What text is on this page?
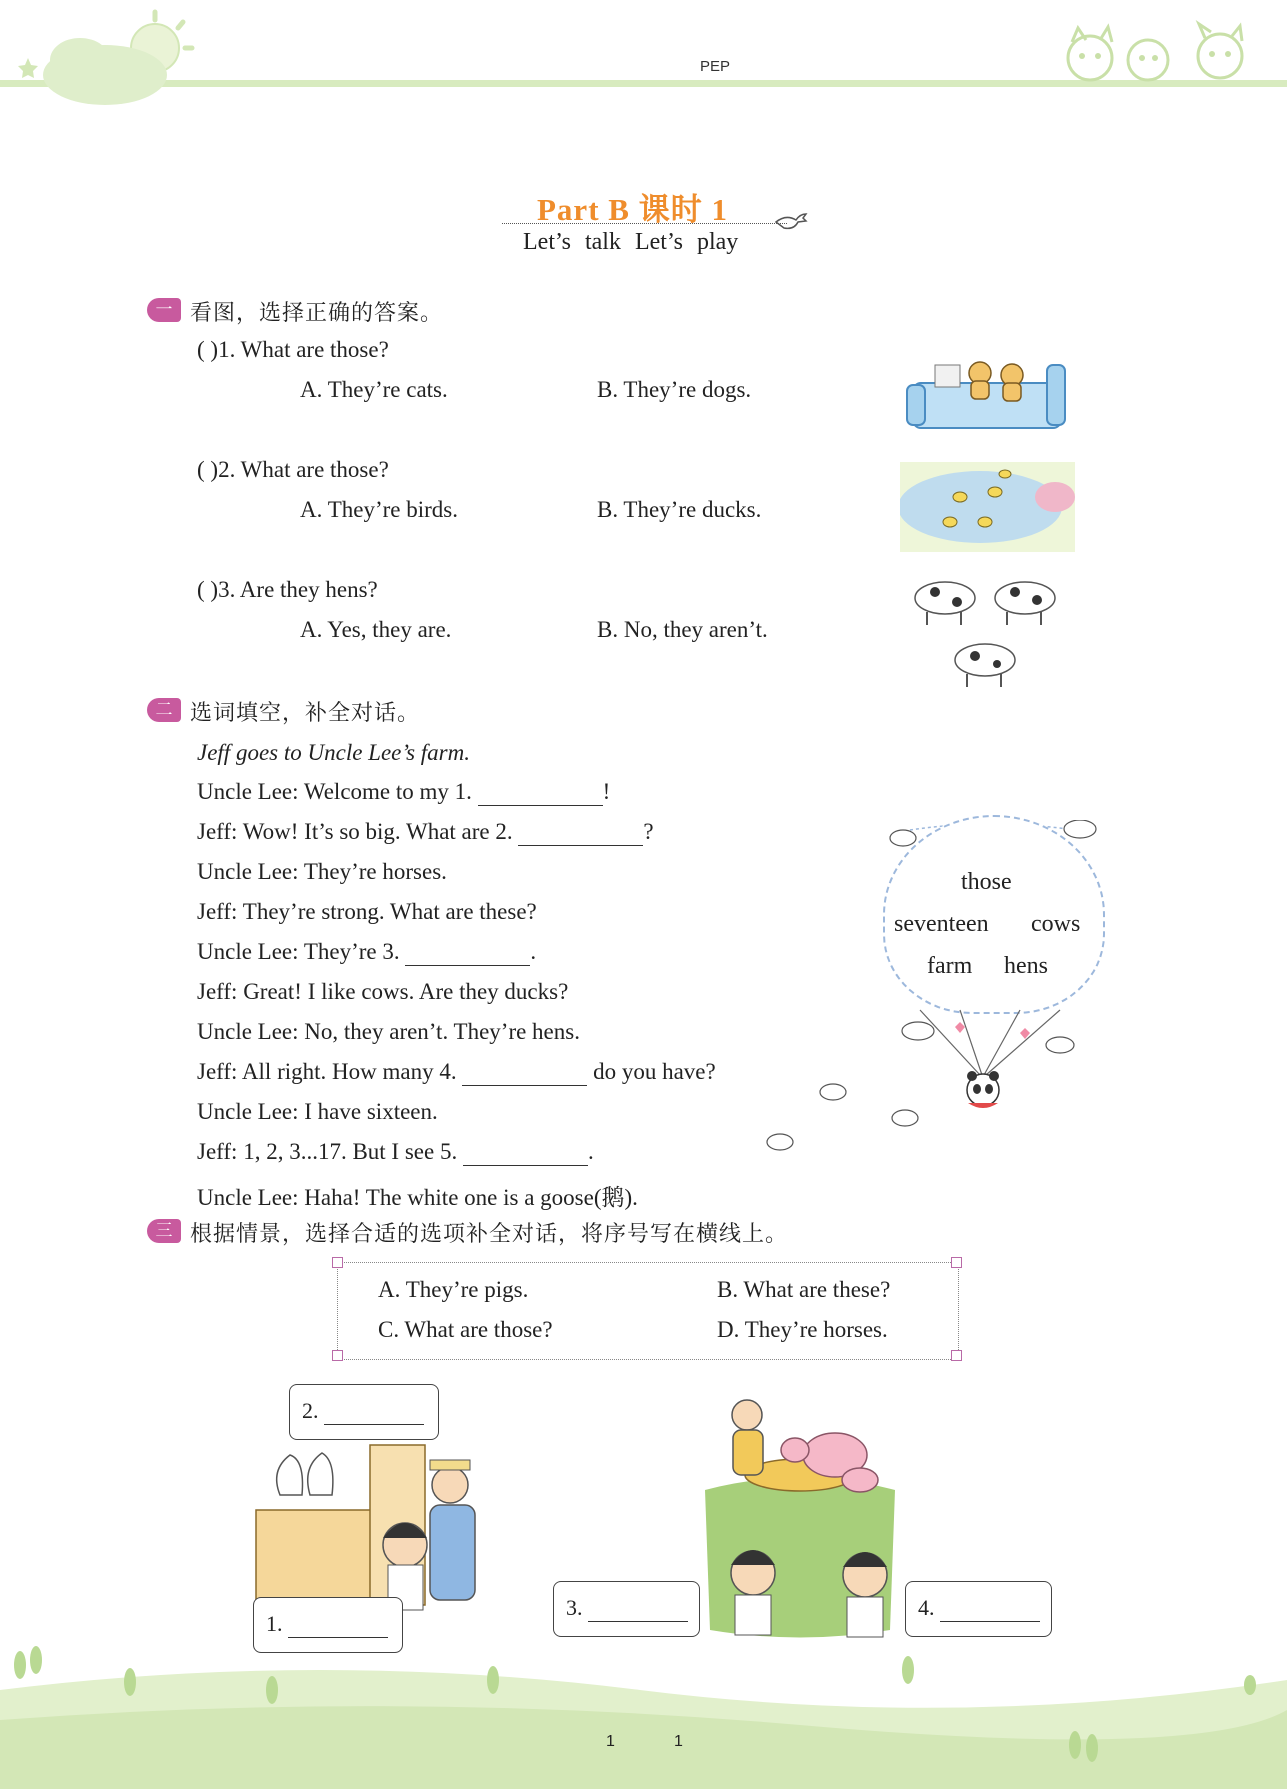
PEP
Part B 课时 1
Let’s talk Let’s play
一 看图，选择正确的答案。
( )1. What are those?
A. They’re cats.	B. They’re dogs.
( )2. What are those?
A. They’re birds.	B. They’re ducks.
( )3. Are they hens?
A. Yes, they are.	B. No, they aren’t.
二 选词填空，补全对话。
Jeff goes to Uncle Lee’s farm.
Uncle Lee: Welcome to my 1.	!
Jeff: Wow! It’s so big. What are 2.	?
Uncle Lee: They’re horses.
Jeff: They’re strong. What are these?
Uncle Lee: They’re 3.	.
Jeff: Great! I like cows. Are they ducks?
Uncle Lee: No, they aren’t. They’re hens.
Jeff: All right. How many 4.	do you have?
Uncle Lee: I have sixteen.
Jeff: 1, 2, 3...17. But I see 5.	.
Uncle Lee: Haha! The white one is a goose(鹅).
those
seventeen cows
farm hens
三 根据情景，选择合适的选项补全对话，将序号写在横线上。
A. They’re pigs.	B. What are these?
C. What are those?	D. They’re horses.
2.
1.
3.	4.
1	1
